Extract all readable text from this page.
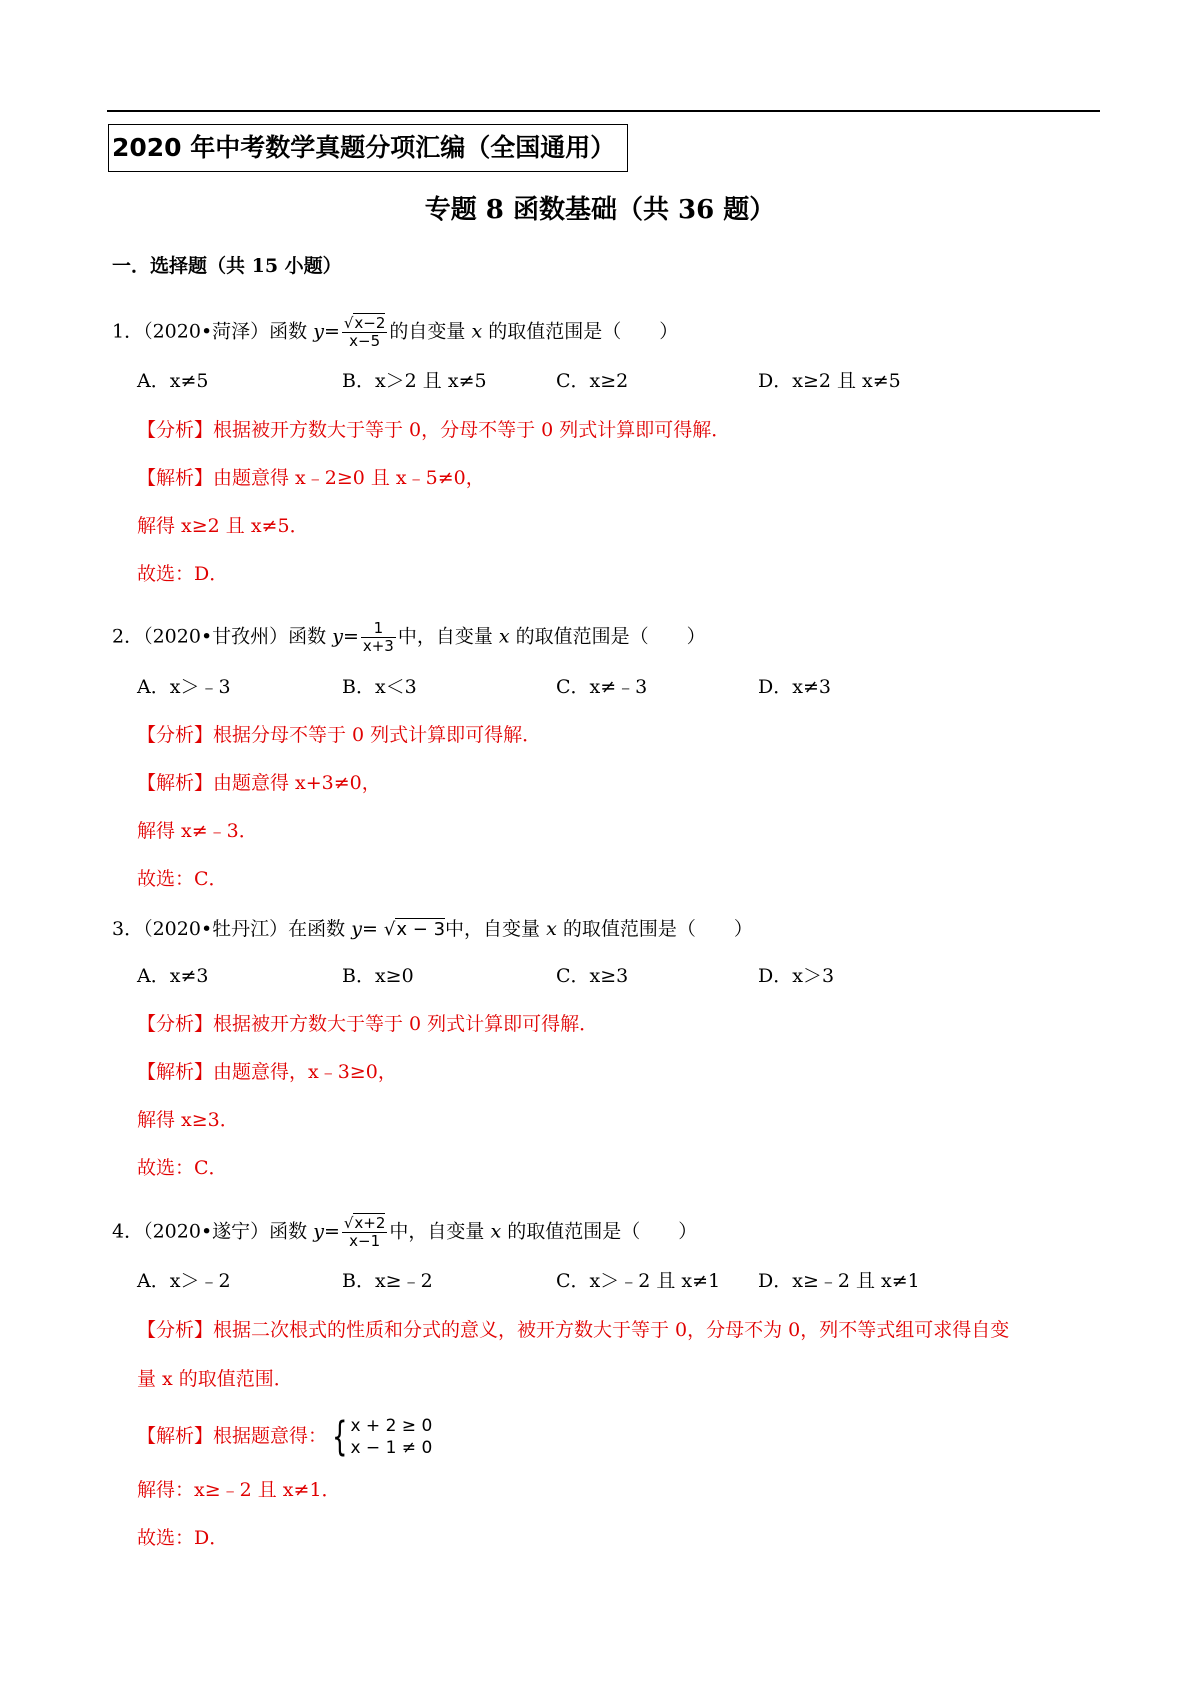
2020 年中考数学真题分项汇编（全国通用）
专题 8 函数基础（共 36 题）
一．选择题（共 15 小题）
1．（2020•菏泽）函数 $y= \frac{√x-2}{x-5}$ 的自变量 x 的取值范围是（　　）
A．x≠5	B．x＞2 且 x≠5	C．x≥2	D．x≥2 且 x≠5
【分析】根据被开方数大于等于 0，分母不等于 0 列式计算即可得解．
【解析】由题意得 x﹣2≥0 且 x﹣5≠0，
解得 x≥2 且 x≠5．
故选：D．
2．（2020•甘孜州）函数 $y= \frac{1}{x+3}$ 中，自变量 x 的取值范围是（　　）
A．x＞﹣3	B．x＜3	C．x≠﹣3	D．x≠3
【分析】根据分母不等于 0 列式计算即可得解．
【解析】由题意得 x+3≠0，
解得 x≠﹣3．
故选：C．
3．（2020•牡丹江）在函数 y= √x − 3中，自变量 x 的取值范围是（　　）
A．x≠3	B．x≥0	C．x≥3	D．x＞3
【分析】根据被开方数大于等于 0 列式计算即可得解．
【解析】由题意得，x﹣3≥0，
解得 x≥3．
故选：C．
4．（2020•遂宁）函数 $y= \frac{√x+2}{x-1}$ 中，自变量 x 的取值范围是（　　）
A．x＞﹣2	B．x≥﹣2	C．x＞﹣2 且 x≠1 D．x≥﹣2 且 x≠1
【分析】根据二次根式的性质和分式的意义，被开方数大于等于 0，分母不为 0，列不等式组可求得自变
量 x 的取值范围．
【解析】根据题意得： { x + 2 ≥ 0
x − 1 ≠ 0
解得：x≥﹣2 且 x≠1．
故选：D．
